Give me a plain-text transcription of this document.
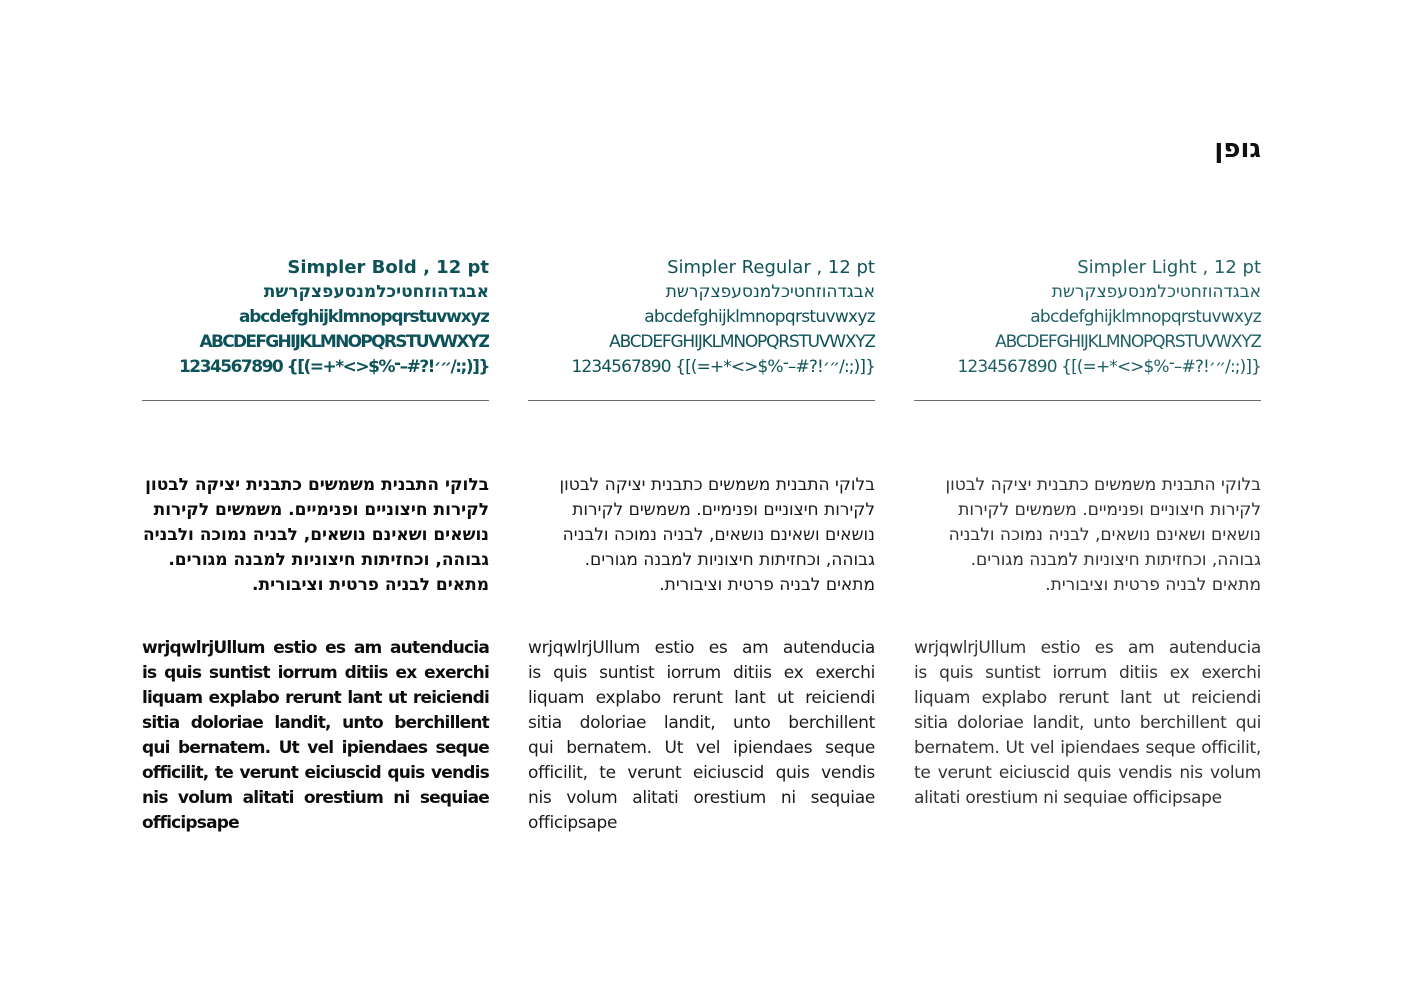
גופן
Simpler Bold , 12 pt
אבגדהוזחטיכלמנסעפצקרשת
abcdefghijklmnopqrstuvwxyz
ABCDEFGHIJKLMNOPQRSTUVWXYZ
1234567890 {[(=+*<>$%״׳!?#–־/:;)]}
בלוקי התבנית משמשים כתבנית יציקה לבטון
לקירות חיצוניים ופנימיים. משמשים לקירות
נושאים ושאינם נושאים, לבניה נמוכה ולבניה
גבוהה, וכחזיתות חיצוניות למבנה מגורים.
מתאים לבניה פרטית וציבורית.
wrjqwlrjUllum estio es am autenducia
is quis suntist iorrum ditiis ex exerchi
liquam explabo rerunt lant ut reiciendi
sitia doloriae landit, unto berchillent
qui bernatem. Ut vel ipiendaes seque
officilit, te verunt eiciuscid quis vendis
nis volum alitati orestium ni sequiae
officipsape
Simpler Regular , 12 pt
אבגדהוזחטיכלמנסעפצקרשת
abcdefghijklmnopqrstuvwxyz
ABCDEFGHIJKLMNOPQRSTUVWXYZ
1234567890 {[(=+*<>$%״׳!?#–־/:;)]}
בלוקי התבנית משמשים כתבנית יציקה לבטון
לקירות חיצוניים ופנימיים. משמשים לקירות
נושאים ושאינם נושאים, לבניה נמוכה ולבניה
גבוהה, וכחזיתות חיצוניות למבנה מגורים.
מתאים לבניה פרטית וציבורית.
wrjqwlrjUllum estio es am autenducia
is quis suntist iorrum ditiis ex exerchi
liquam explabo rerunt lant ut reiciendi
sitia doloriae landit, unto berchillent
qui bernatem. Ut vel ipiendaes seque
officilit, te verunt eiciuscid quis vendis
nis volum alitati orestium ni sequiae
officipsape
Simpler Light , 12 pt
אבגדהוזחטיכלמנסעפצקרשת
abcdefghijklmnopqrstuvwxyz
ABCDEFGHIJKLMNOPQRSTUVWXYZ
1234567890 {[(=+*<>$%״׳!?#–־/:;)]}
בלוקי התבנית משמשים כתבנית יציקה לבטון
לקירות חיצוניים ופנימיים. משמשים לקירות
נושאים ושאינם נושאים, לבניה נמוכה ולבניה
גבוהה, וכחזיתות חיצוניות למבנה מגורים.
מתאים לבניה פרטית וציבורית.
wrjqwlrjUllum estio es am autenducia
is quis suntist iorrum ditiis ex exerchi
liquam explabo rerunt lant ut reiciendi
sitia doloriae landit, unto berchillent qui
bernatem. Ut vel ipiendaes seque officilit,
te verunt eiciuscid quis vendis nis volum
alitati orestium ni sequiae officipsape
